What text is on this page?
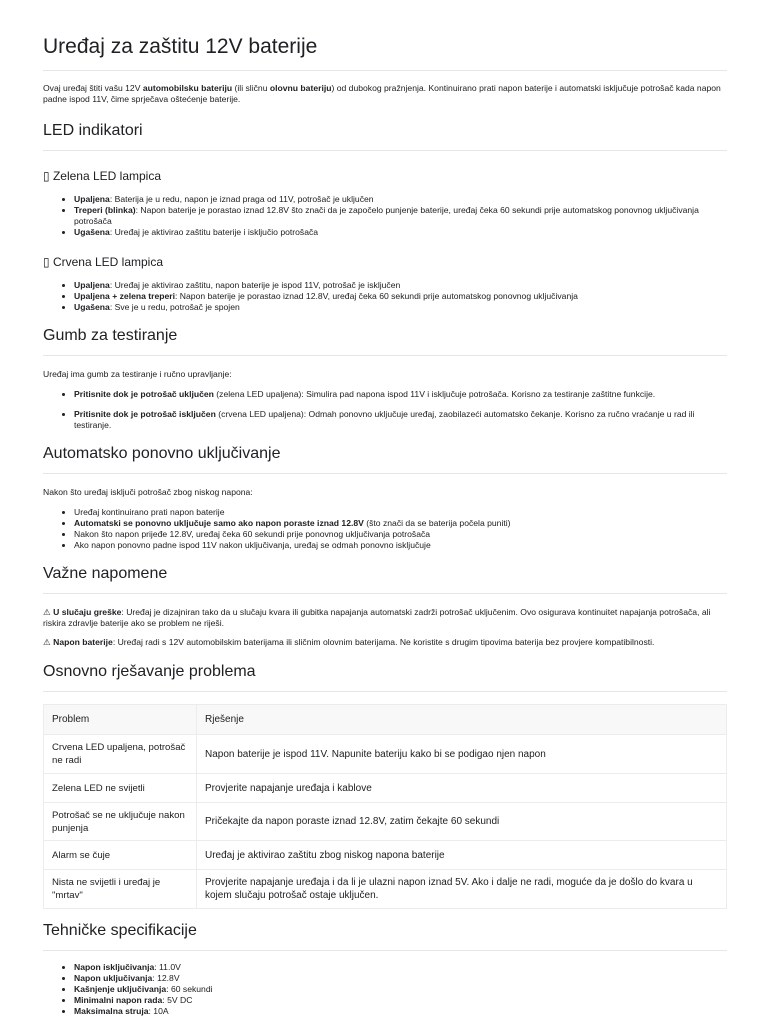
Uređaj za zaštitu 12V baterije

Ovaj uređaj štiti vašu 12V automobilsku bateriju (ili sličnu olovnu bateriju) od dubokog pražnjenja. Kontinuirano prati napon baterije i automatski isključuje potrošač kada napon padne ispod 11V, čime sprječava oštećenje baterije.

LED indikatori
▯ Zelena LED lampica
• Upaljena: Baterija je u redu, napon je iznad praga od 11V, potrošač je uključen
• Treperi (blinka): Napon baterije je porastao iznad 12.8V što znači da je započelo punjenje baterije, uređaj čeka 60 sekundi prije automatskog ponovnog uključivanja potrošača
• Ugašena: Uređaj je aktivirao zaštitu baterije i isključio potrošača
▯ Crvena LED lampica
• Upaljena: Uređaj je aktivirao zaštitu, napon baterije je ispod 11V, potrošač je isključen
• Upaljena + zelena treperi: Napon baterije je porastao iznad 12.8V, uređaj čeka 60 sekundi prije automatskog ponovnog uključivanja
• Ugašena: Sve je u redu, potrošač je spojen
Gumb za testiranje

Uređaj ima gumb za testiranje i ručno upravljanje:

• Pritisnite dok je potrošač uključen (zelena LED upaljena): Simulira pad napona ispod 11V i isključuje potrošača. Korisno za testiranje zaštitne funkcije.
• Pritisnite dok je potrošač isključen (crvena LED upaljena): Odmah ponovno uključuje uređaj, zaobilazeći automatsko čekanje. Korisno za ručno vraćanje u rad ili testiranje.
Automatsko ponovno uključivanje

Nakon što uređaj isključi potrošač zbog niskog napona:

• Uređaj kontinuirano prati napon baterije
• Automatski se ponovno uključuje samo ako napon poraste iznad 12.8V (što znači da se baterija počela puniti)
• Nakon što napon prijeđe 12.8V, uređaj čeka 60 sekundi prije ponovnog uključivanja potrošača
• Ako napon ponovno padne ispod 11V nakon uključivanja, uređaj se odmah ponovno isključuje
Važne napomene

⚠ U slučaju greške: Uređaj je dizajniran tako da u slučaju kvara ili gubitka napajanja automatski zadrži potrošač uključenim. Ovo osigurava kontinuitet napajanja potrošača, ali riskira zdravlje baterije ako se problem ne riješi.

⚠ Napon baterije: Uređaj radi s 12V automobilskim baterijama ili sličnim olovnim baterijama. Ne koristite s drugim tipovima baterija bez provjere kompatibilnosti.

Osnovno rješavanje problema
Problem	Rješenje
Crvena LED upaljena, potrošač ne radi	Napon baterije je ispod 11V. Napunite bateriju kako bi se podigao njen napon
Zelena LED ne svijetli	Provjerite napajanje uređaja i kablove
Potrošač se ne uključuje nakon punjenja	Pričekajte da napon poraste iznad 12.8V, zatim čekajte 60 sekundi
Alarm se čuje	Uređaj je aktivirao zaštitu zbog niskog napona baterije
Nista ne svijetli i uređaj je "mrtav"	Provjerite napajanje uređaja i da li je ulazni napon iznad 5V. Ako i dalje ne radi, moguće da je došlo do kvara u kojem slučaju potrošač ostaje uključen.
Tehničke specifikacije
• Napon isključivanja: 11.0V
• Napon uključivanja: 12.8V
• Kašnjenje uključivanja: 60 sekundi
• Minimalni napon rada: 5V DC
• Maksimalna struja: 10A
